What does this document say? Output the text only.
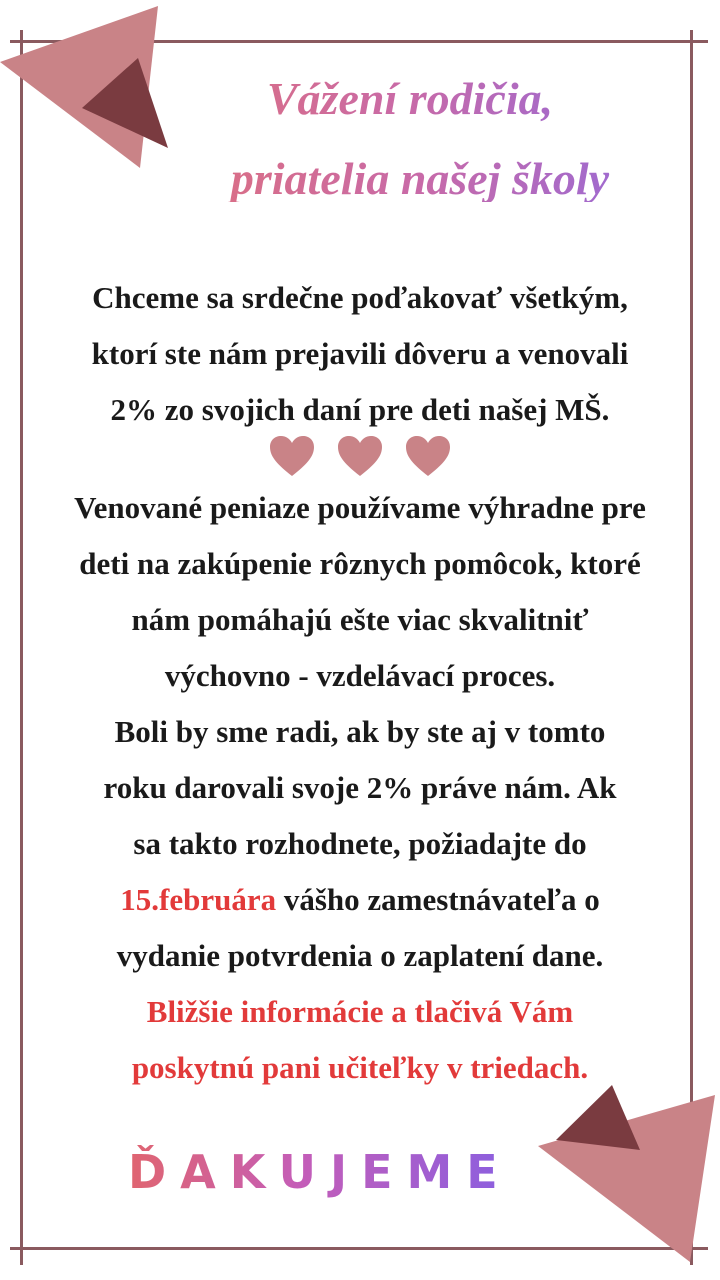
Vážení rodičia,
priatelia našej školy
Chceme sa srdečne poďakovať všetkým,
ktorí ste nám prejavili dôveru a venovali
2% zo svojich daní pre deti našej MŠ.

Venované peniaze používame výhradne pre
deti na zakúpenie rôznych pomôcok, ktoré
nám pomáhajú ešte viac skvalitniť
výchovno - vzdelávací proces.
Boli by sme radi, ak by ste aj v tomto
roku darovali svoje 2% práve nám. Ak
sa takto rozhodnete, požiadajte do
15.februára vášho zamestnávateľa o
vydanie potvrdenia o zaplatení dane.
Bližšie informácie a tlačivá Vám
poskytnú pani učiteľky v triedach.
ĎAKUJEME
